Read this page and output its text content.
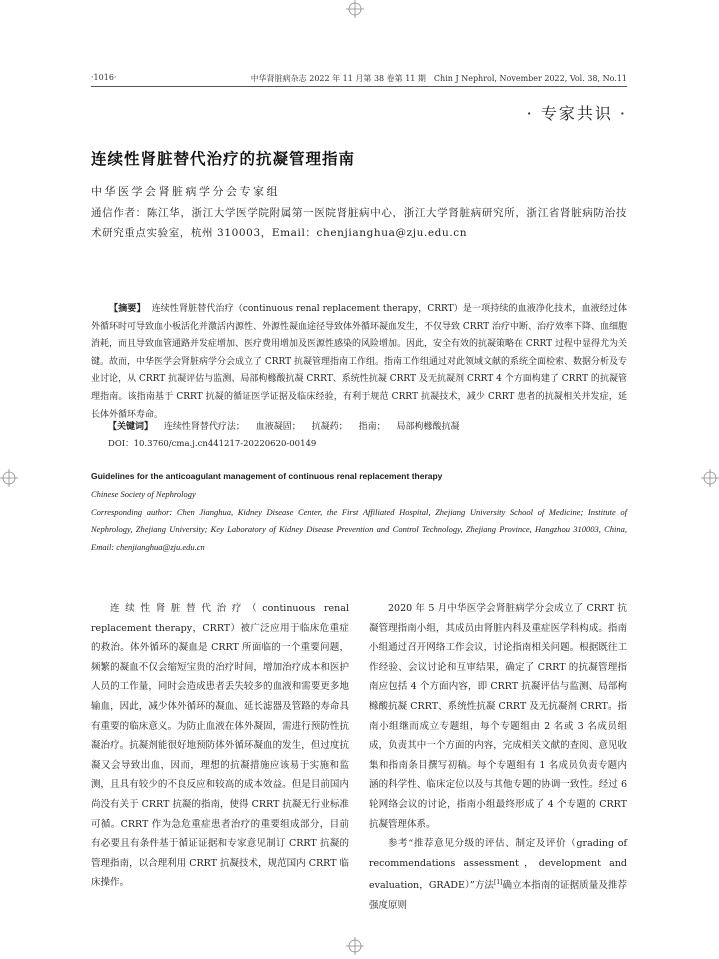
·1016·	中华肾脏病杂志 2022 年 11 月第 38 卷第 11 期　Chin J Nephrol, November 2022, Vol. 38, No.11
· 专家共识 ·
连续性肾脏替代治疗的抗凝管理指南
中华医学会肾脏病学分会专家组
通信作者：陈江华，浙江大学医学院附属第一医院肾脏病中心，浙江大学肾脏病研究所，浙江省肾脏病防治技术研究重点实验室，杭州 310003，Email：chenjianghua@zju.edu.cn
【摘要】 连续性肾脏替代治疗（continuous renal replacement therapy，CRRT）是一项持续的血液净化技术，血液经过体外循环时可导致血小板活化并激活内源性、外源性凝血途径导致体外循环凝血发生，不仅导致 CRRT 治疗中断、治疗效率下降、血细胞消耗，而且导致血管通路并发症增加、医疗费用增加及医源性感染的风险增加。因此，安全有效的抗凝策略在 CRRT 过程中显得尤为关键。故而，中华医学会肾脏病学分会成立了 CRRT 抗凝管理指南工作组。指南工作组通过对此领域文献的系统全面检索、数据分析及专业讨论，从 CRRT 抗凝评估与监测、局部枸橼酸抗凝 CRRT、系统性抗凝 CRRT 及无抗凝剂 CRRT 4 个方面构建了 CRRT 的抗凝管理指南。该指南基于 CRRT 抗凝的循证医学证据及临床经验，有利于规范 CRRT 抗凝技术，减少 CRRT 患者的抗凝相关并发症，延长体外循环寿命。
【关键词】 连续性肾替代疗法； 血液凝固； 抗凝药； 指南； 局部枸橼酸抗凝
DOI：10.3760/cma.j.cn441217-20220620-00149
Guidelines for the anticoagulant management of continuous renal replacement therapy
Chinese Society of Nephrology
Corresponding author: Chen Jianghua, Kidney Disease Center, the First Affiliated Hospital, Zhejiang University School of Medicine; Institute of Nephrology, Zhejiang University; Key Laboratory of Kidney Disease Prevention and Control Technology, Zhejiang Province, Hangzhou 310003, China, Email: chenjianghua@zju.edu.cn

连续性肾脏替代治疗（continuous renal replacement therapy，CRRT）被广泛应用于临床危重症的救治。体外循环的凝血是 CRRT 所面临的一个重要问题，频繁的凝血不仅会缩短宝贵的治疗时间，增加治疗成本和医护人员的工作量，同时会造成患者丢失较多的血液和需要更多地输血，因此，减少体外循环的凝血、延长滤器及管路的寿命具有重要的临床意义。为防止血液在体外凝固，需进行预防性抗凝治疗。抗凝剂能很好地预防体外循环凝血的发生，但过度抗凝又会导致出血，因而，理想的抗凝措施应该易于实施和监测，且具有较少的不良反应和较高的成本效益。但是目前国内尚没有关于 CRRT 抗凝的指南，使得 CRRT 抗凝无行业标准可循。CRRT 作为急危重症患者治疗的重要组成部分，目前有必要且有条件基于循证证据和专家意见制订 CRRT 抗凝的管理指南，以合理利用 CRRT 抗凝技术，规范国内 CRRT 临床操作。

2020 年 5 月中华医学会肾脏病学分会成立了 CRRT 抗凝管理指南小组，其成员由肾脏内科及重症医学科构成。指南小组通过召开网络工作会议，讨论指南相关问题。根据既往工作经验、会议讨论和互审结果，确定了 CRRT 的抗凝管理指南应包括 4 个方面内容，即 CRRT 抗凝评估与监测、局部枸橼酸抗凝 CRRT、系统性抗凝 CRRT 及无抗凝剂 CRRT。指南小组继而成立专题组，每个专题组由 2 名或 3 名成员组成，负责其中一个方面的内容，完成相关文献的查阅、意见收集和指南条目撰写初稿。每个专题组有 1 名成员负责专题内涵的科学性、临床定位以及与其他专题的协调一致性。经过 6 轮网络会议的讨论，指南小组最终形成了 4 个专题的 CRRT 抗凝管理体系。

参考“推荐意见分级的评估、制定及评价（grading of recommendations assessment，development and evaluation，GRADE）”方法[1]确立本指南的证据质量及推荐强度原则
